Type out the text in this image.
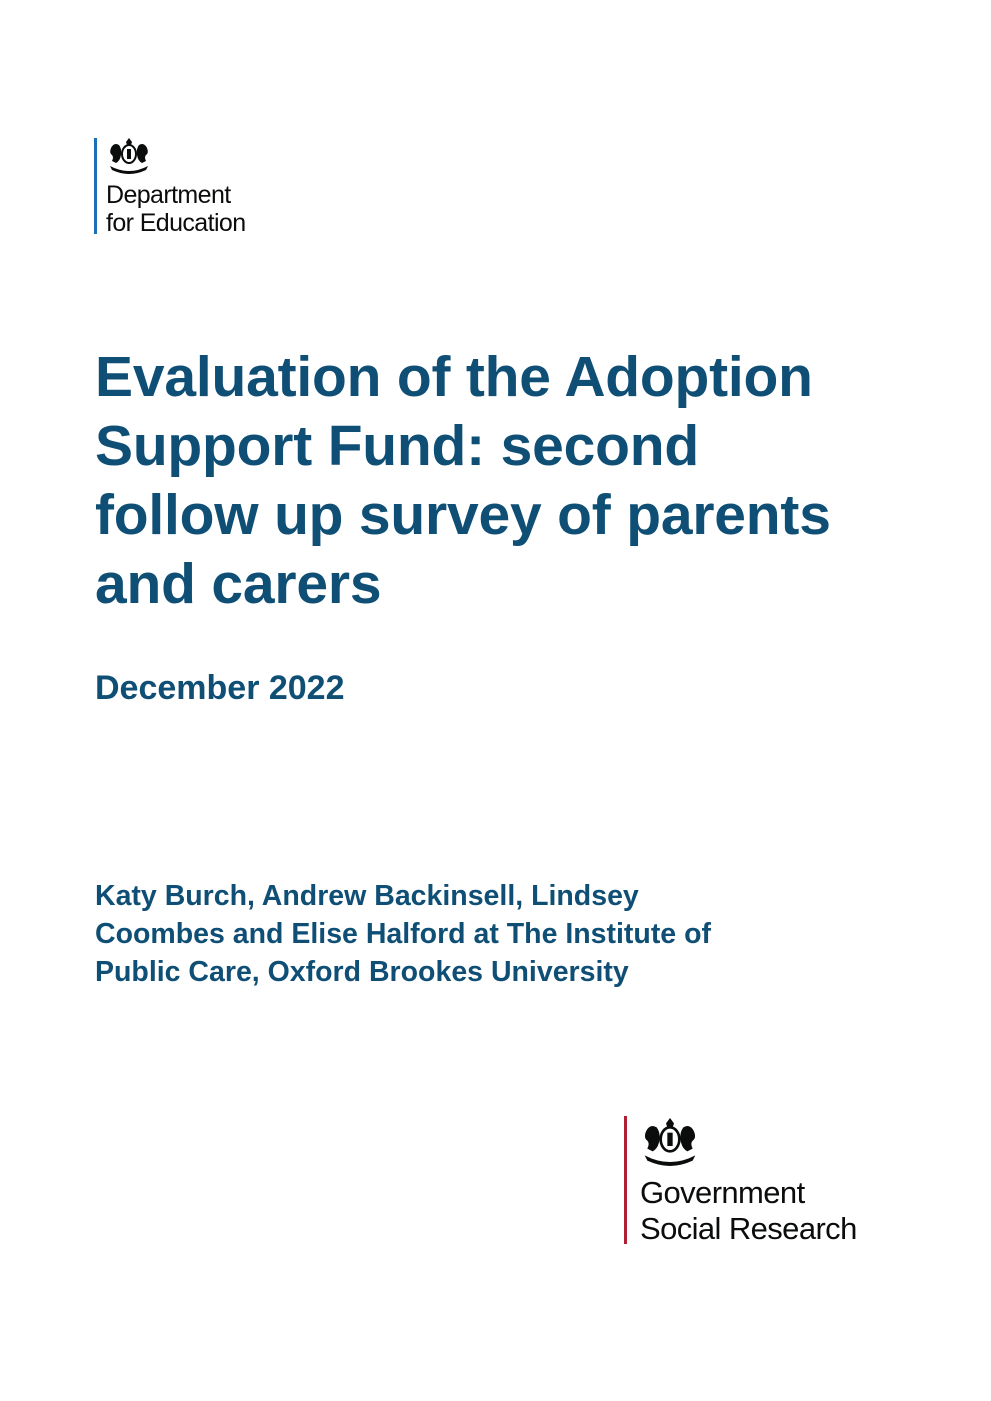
Department
for Education
Evaluation of the Adoption
Support Fund: second
follow up survey of parents
and carers
December 2022

Katy Burch, Andrew Backinsell, Lindsey
Coombes and Elise Halford at The Institute of
Public Care, Oxford Brookes University

Government
Social Research
